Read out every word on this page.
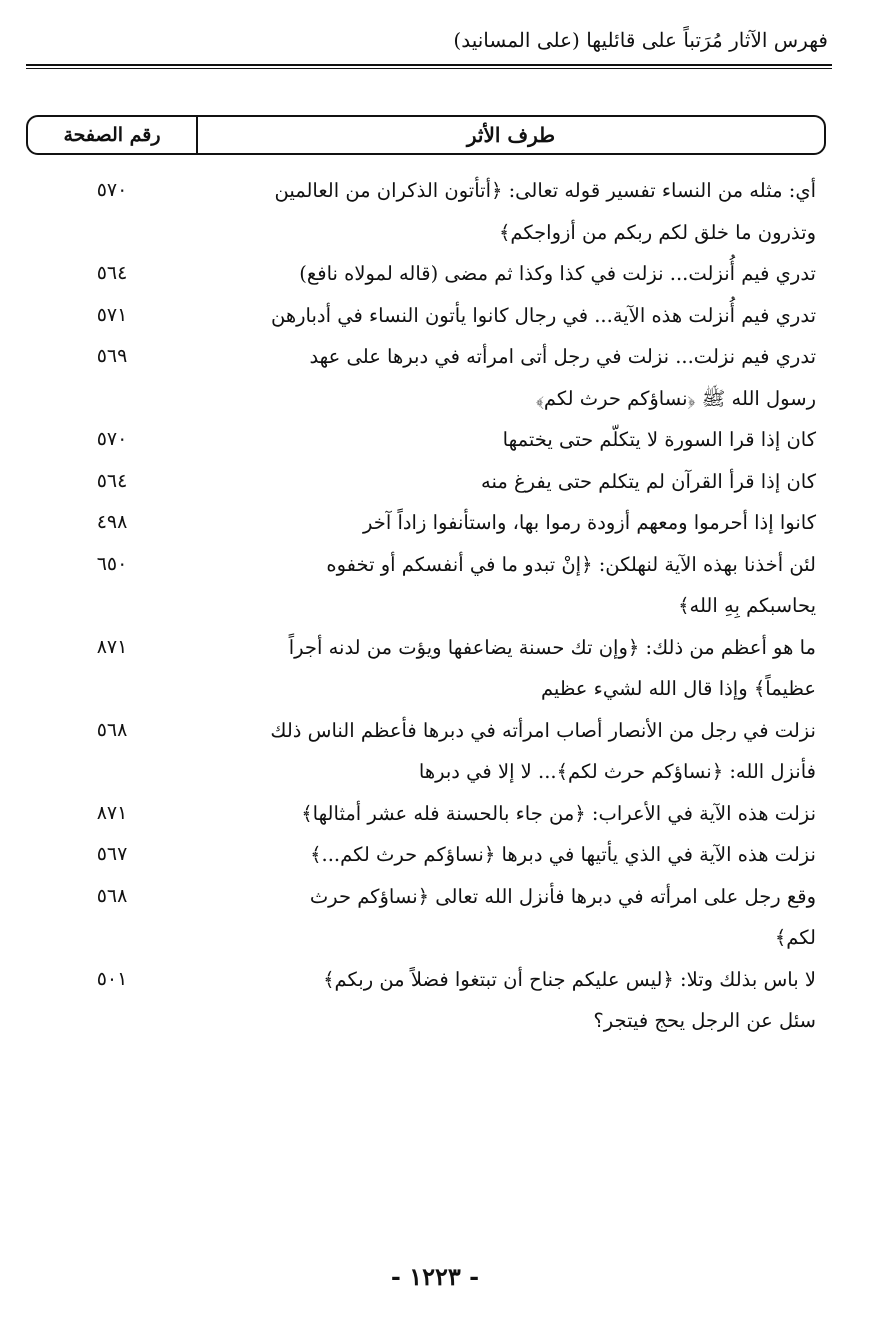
فهرس الآثار مُرَتباً على قائليها (على المسانيد)
طرف الأثر
رقم الصفحة
أي: مثله من النساء تفسير قوله تعالى: ﴿أتأتون الذكران من العالمين
وتذرون ما خلق لكم ربكم من أزواجكم﴾
٥٧٠
تدري فيم أُنزلت... نزلت في كذا وكذا ثم مضى (قاله لمولاه نافع)
٥٦٤
تدري فيم أُنزلت هذه الآية... في رجال كانوا يأتون النساء في أدبارهن
٥٧١
تدري فيم نزلت... نزلت في رجل أتى امرأته في دبرها على عهد
رسول الله ﷺ ﴿نساؤكم حرث لكم﴾
٥٦٩
كان إذا قرا السورة لا يتكلّم حتى يختمها
٥٧٠
كان إذا قرأ القرآن لم يتكلم حتى يفرغ منه
٥٦٤
كانوا إذا أحرموا ومعهم أزودة رموا بها، واستأنفوا زاداً آخر
٤٩٨
لئن أخذنا بهذه الآية لنهلكن: ﴿إنْ تبدو ما في أنفسكم أو تخفوه
يحاسبكم بِهِ الله﴾
٦٥٠
ما هو أعظم من ذلك: ﴿وإن تك حسنة يضاعفها ويؤت من لدنه أجراً
عظيماً﴾ وإذا قال الله لشيء عظيم
٨٧١
نزلت في رجل من الأنصار أصاب امرأته في دبرها فأعظم الناس ذلك
فأنزل الله: ﴿نساؤكم حرث لكم﴾... لا إلا في دبرها
٥٦٨
نزلت هذه الآية في الأعراب: ﴿من جاء بالحسنة فله عشر أمثالها﴾
٨٧١
نزلت هذه الآية في الذي يأتيها في دبرها ﴿نساؤكم حرث لكم...﴾
٥٦٧
وقع رجل على امرأته في دبرها فأنزل الله تعالى ﴿نساؤكم حرث
لكم﴾
٥٦٨
لا باس بذلك وتلا: ﴿ليس عليكم جناح أن تبتغوا فضلاً من ربكم﴾
سئل عن الرجل يحج فيتجر؟
٥٠١
- ١٢٢٣ -
